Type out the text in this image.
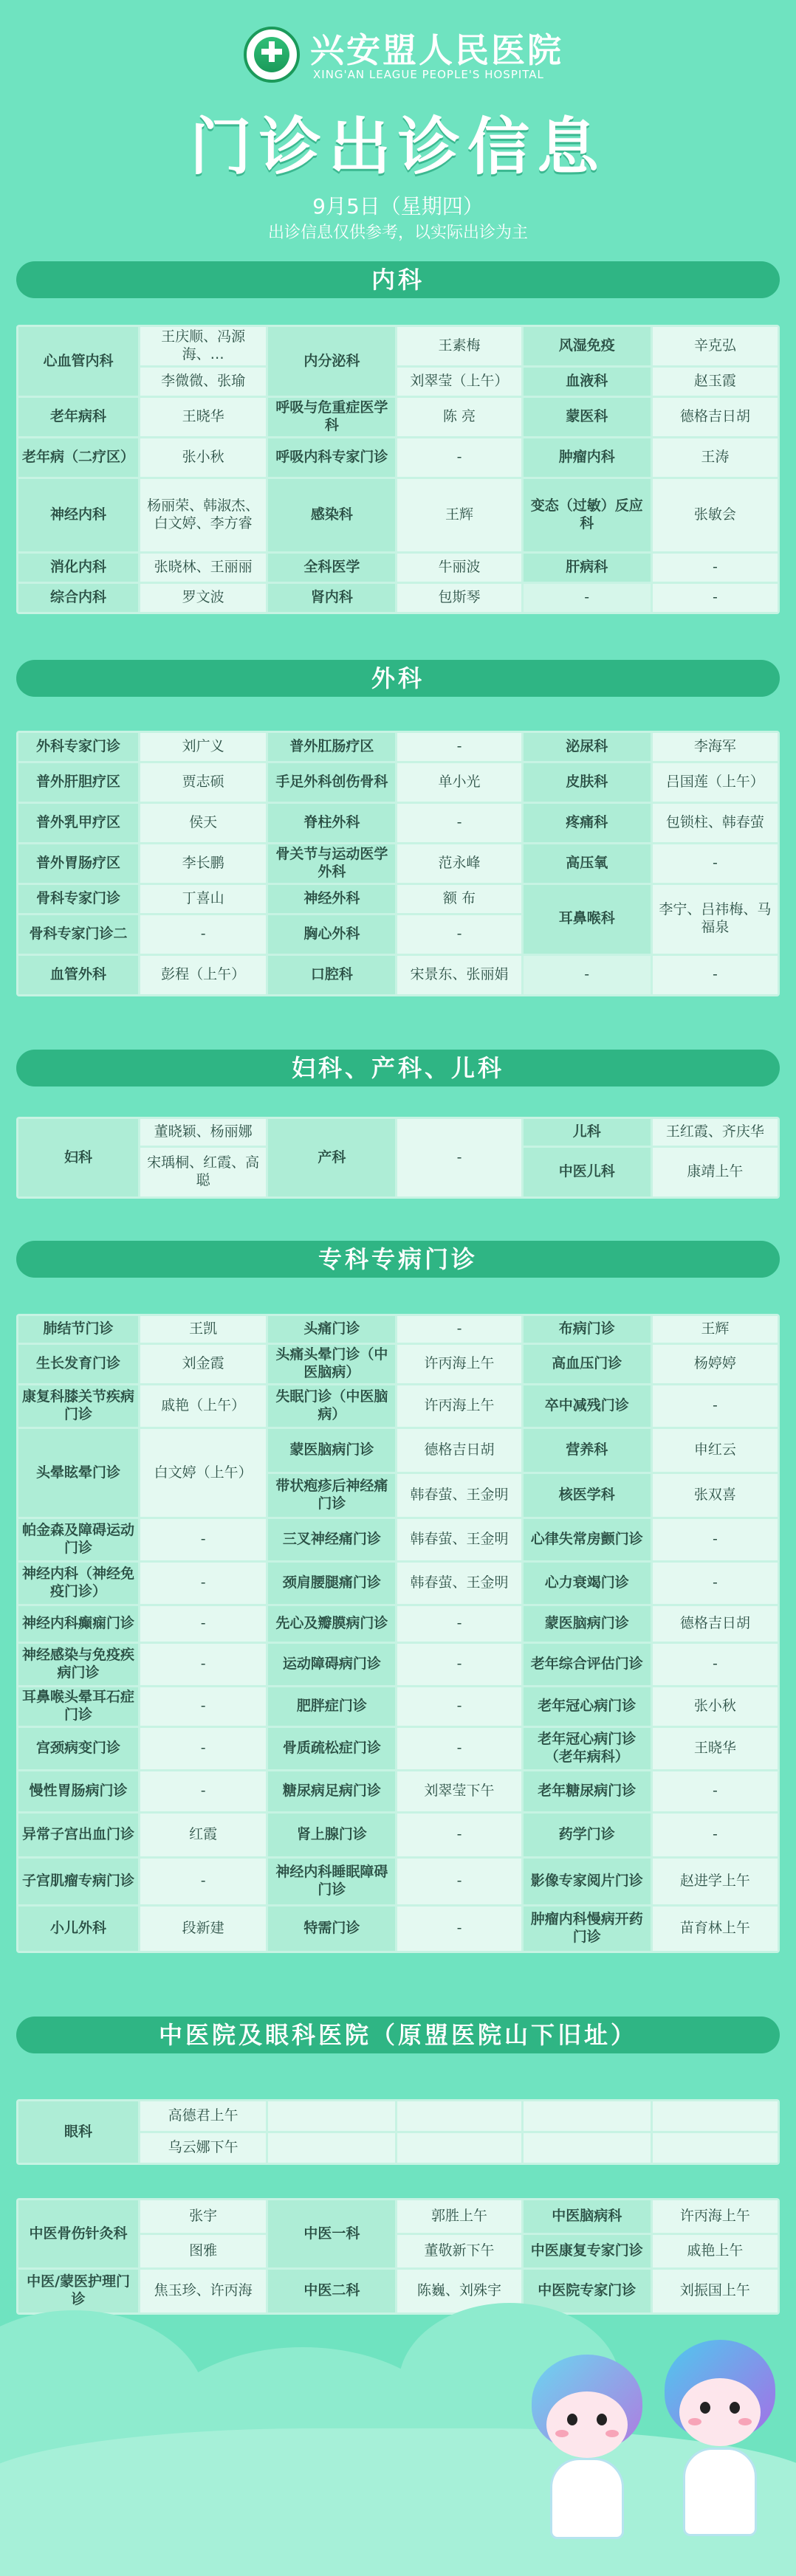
兴安盟人民医院
XING'AN LEAGUE PEOPLE'S HOSPITAL
门诊出诊信息
9月5日（星期四）
出诊信息仅供参考，以实际出诊为主
内科
心血管内科	王庆顺、冯源海、…	内分泌科	王素梅	风湿免疫	辛克弘
	李微微、张瑜		刘翠莹（上午）	血液科	赵玉霞
老年病科	王晓华	呼吸与危重症医学科	陈 亮	蒙医科	德格吉日胡
老年病（二疗区）	张小秋	呼吸内科专家门诊	-	肿瘤内科	王涛
神经内科	杨丽荣、韩淑杰、白文婷、李方睿	感染科	王辉	变态（过敏）反应科	张敏会
消化内科	张晓林、王丽丽	全科医学	牛丽波	肝病科	-
综合内科	罗文波	肾内科	包斯琴	-	-
外科
外科专家门诊	刘广义	普外肛肠疗区	-	泌尿科	李海军
普外肝胆疗区	贾志硕	手足外科创伤骨科	单小光	皮肤科	吕国莲（上午）
普外乳甲疗区	侯天	脊柱外科	-	疼痛科	包锁柱、韩春萤
普外胃肠疗区	李长鹏	骨关节与运动医学外科	范永峰	高压氧	-
骨科专家门诊	丁喜山	神经外科	额 布	耳鼻喉科	李宁、吕祎梅、马福泉
骨科专家门诊二	-	胸心外科	-		
血管外科	彭程（上午）	口腔科	宋景东、张丽娟	-	-
妇科、产科、儿科
妇科	董晓颖、杨丽娜	产科	-	儿科	王红霞、齐庆华
	宋瑀桐、红霞、高聪			中医儿科	康靖上午
专科专病门诊
肺结节门诊	王凯	头痛门诊	-	布病门诊	王辉
生长发育门诊	刘金霞	头痛头晕门诊（中医脑病）	许丙海上午	高血压门诊	杨婷婷
康复科膝关节疾病门诊	戚艳（上午）	失眠门诊（中医脑病）	许丙海上午	卒中减残门诊	-
头晕眩晕门诊	白文婷（上午）	蒙医脑病门诊	德格吉日胡	营养科	申红云
		带状疱疹后神经痛门诊	韩春萤、王金明	核医学科	张双喜
帕金森及障碍运动门诊	-	三叉神经痛门诊	韩春萤、王金明	心律失常房颤门诊	-
神经内科（神经免疫门诊）	-	颈肩腰腿痛门诊	韩春萤、王金明	心力衰竭门诊	-
神经内科癫痫门诊	-	先心及瓣膜病门诊	-	蒙医脑病门诊	德格吉日胡
神经感染与免疫疾病门诊	-	运动障碍病门诊	-	老年综合评估门诊	-
耳鼻喉头晕耳石症门诊	-	肥胖症门诊	-	老年冠心病门诊	张小秋
宫颈病变门诊	-	骨质疏松症门诊	-	老年冠心病门诊（老年病科）	王晓华
慢性胃肠病门诊	-	糖尿病足病门诊	刘翠莹下午	老年糖尿病门诊	-
异常子宫出血门诊	红霞	肾上腺门诊	-	药学门诊	-
子宫肌瘤专病门诊	-	神经内科睡眠障碍门诊	-	影像专家阅片门诊	赵进学上午
小儿外科	段新建	特需门诊	-	肿瘤内科慢病开药门诊	苗育林上午
中医院及眼科医院（原盟医院山下旧址）
眼科	高德君上午				
	乌云娜下午				
中医骨伤针灸科	张宇	中医一科	郭胜上午	中医脑病科	许丙海上午
	图雅		董敬新下午	中医康复专家门诊	戚艳上午
中医/蒙医护理门诊	焦玉珍、许丙海	中医二科	陈巍、刘殊宇	中医院专家门诊	刘振国上午
